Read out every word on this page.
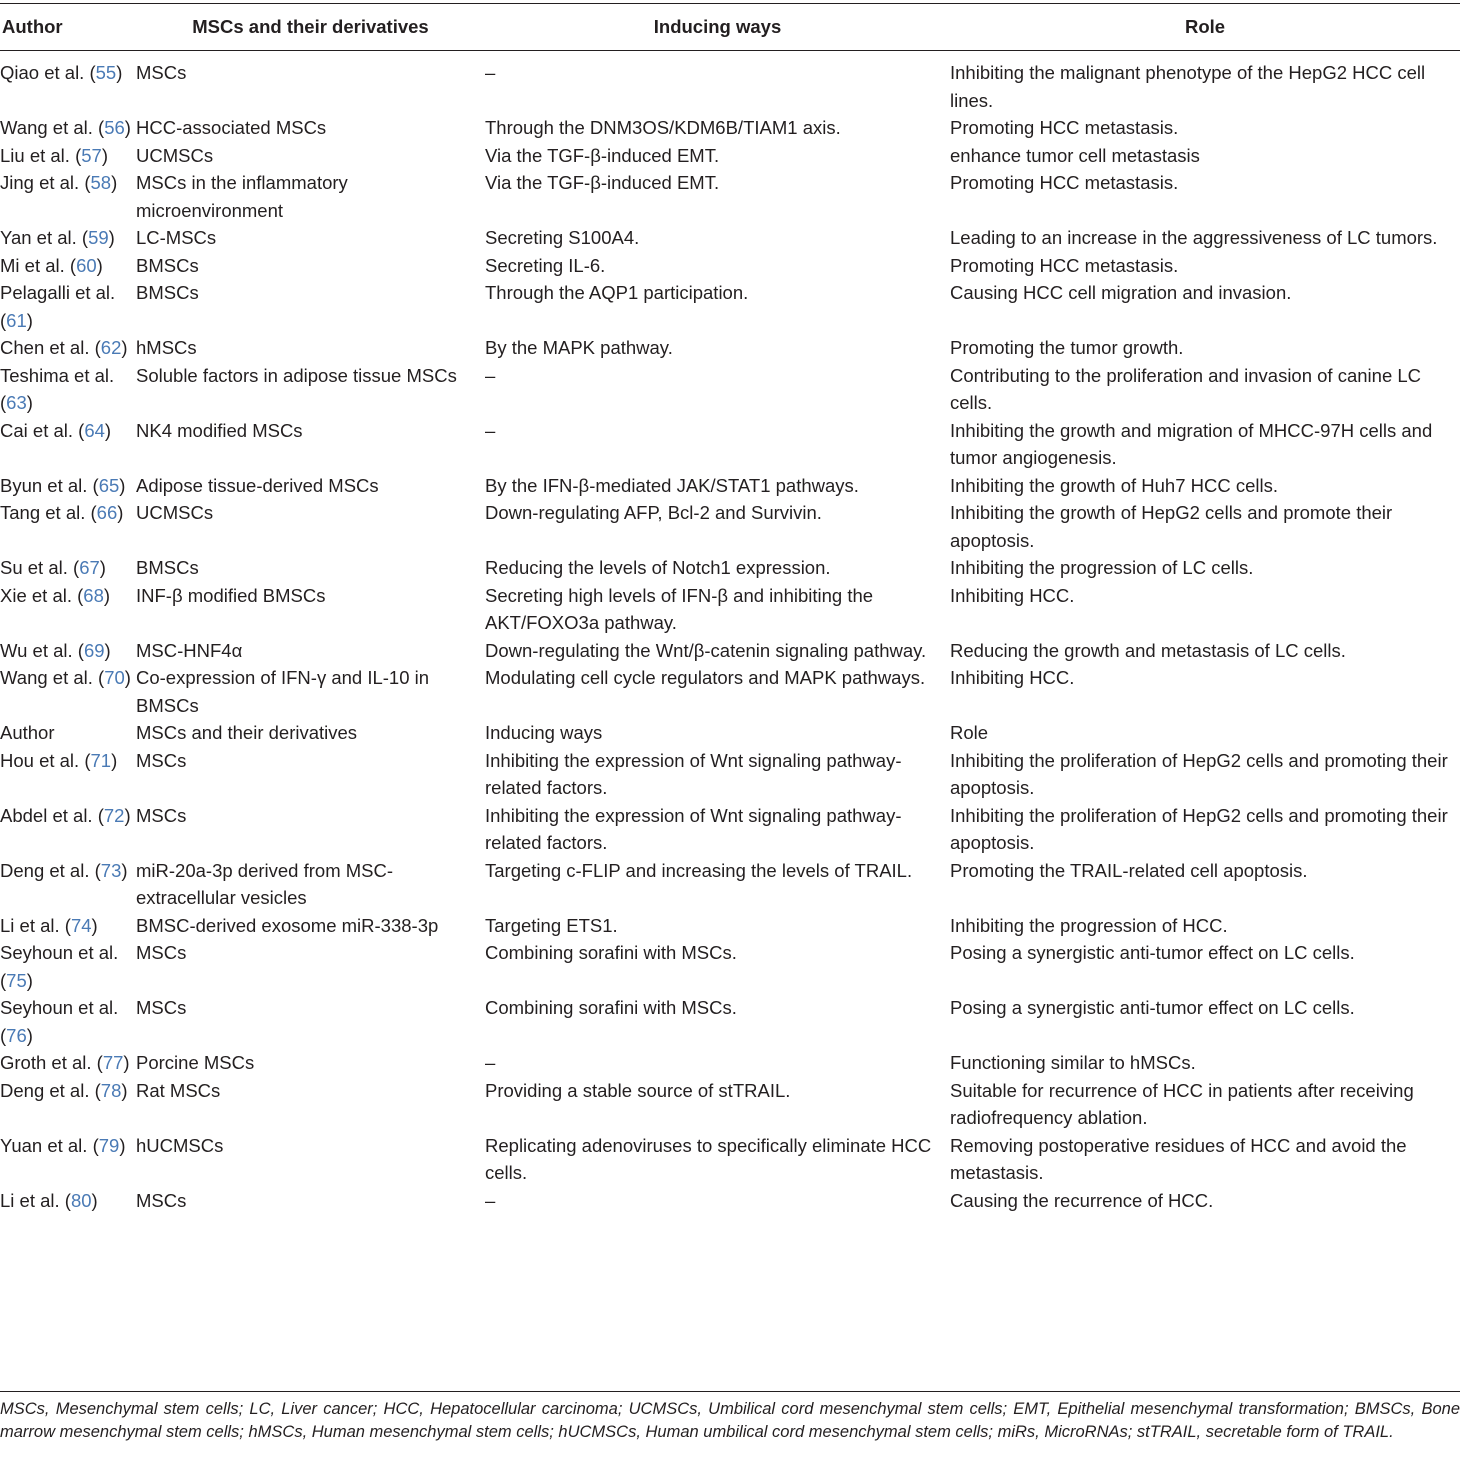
Author	MSCs and their derivatives	Inducing ways	Role
Qiao et al. (55)	MSCs	–	Inhibiting the malignant phenotype of the HepG2 HCC cell lines.
Wang et al. (56)	HCC-associated MSCs	Through the DNM3OS/KDM6B/TIAM1 axis.	Promoting HCC metastasis.
Liu et al. (57)	UCMSCs	Via the TGF-β-induced EMT.	enhance tumor cell metastasis
Jing et al. (58)	MSCs in the inflammatory microenvironment	Via the TGF-β-induced EMT.	Promoting HCC metastasis.
Yan et al. (59)	LC-MSCs	Secreting S100A4.	Leading to an increase in the aggressiveness of LC tumors.
Mi et al. (60)	BMSCs	Secreting IL-6.	Promoting HCC metastasis.
Pelagalli et al. (61)	BMSCs	Through the AQP1 participation.	Causing HCC cell migration and invasion.
Chen et al. (62)	hMSCs	By the MAPK pathway.	Promoting the tumor growth.
Teshima et al. (63)	Soluble factors in adipose tissue MSCs	–	Contributing to the proliferation and invasion of canine LC cells.
Cai et al. (64)	NK4 modified MSCs	–	Inhibiting the growth and migration of MHCC-97H cells and tumor angiogenesis.
Byun et al. (65)	Adipose tissue-derived MSCs	By the IFN-β-mediated JAK/STAT1 pathways.	Inhibiting the growth of Huh7 HCC cells.
Tang et al. (66)	UCMSCs	Down-regulating AFP, Bcl-2 and Survivin.	Inhibiting the growth of HepG2 cells and promote their apoptosis.
Su et al. (67)	BMSCs	Reducing the levels of Notch1 expression.	Inhibiting the progression of LC cells.
Xie et al. (68)	INF-β modified BMSCs	Secreting high levels of IFN-β and inhibiting the AKT/FOXO3a pathway.	Inhibiting HCC.
Wu et al. (69)	MSC-HNF4α	Down-regulating the Wnt/β-catenin signaling pathway.	Reducing the growth and metastasis of LC cells.
Wang et al. (70)	Co-expression of IFN-γ and IL-10 in BMSCs	Modulating cell cycle regulators and MAPK pathways.	Inhibiting HCC.
Author	MSCs and their derivatives	Inducing ways	Role
Hou et al. (71)	MSCs	Inhibiting the expression of Wnt signaling pathway-related factors.	Inhibiting the proliferation of HepG2 cells and promoting their apoptosis.
Abdel et al. (72)	MSCs	Inhibiting the expression of Wnt signaling pathway-related factors.	Inhibiting the proliferation of HepG2 cells and promoting their apoptosis.
Deng et al. (73)	miR-20a-3p derived from MSC-extracellular vesicles	Targeting c-FLIP and increasing the levels of TRAIL.	Promoting the TRAIL-related cell apoptosis.
Li et al. (74)	BMSC-derived exosome miR-338-3p	Targeting ETS1.	Inhibiting the progression of HCC.
Seyhoun et al. (75)	MSCs	Combining sorafini with MSCs.	Posing a synergistic anti-tumor effect on LC cells.
Seyhoun et al. (76)	MSCs	Combining sorafini with MSCs.	Posing a synergistic anti-tumor effect on LC cells.
Groth et al. (77)	Porcine MSCs	–	Functioning similar to hMSCs.
Deng et al. (78)	Rat MSCs	Providing a stable source of stTRAIL.	Suitable for recurrence of HCC in patients after receiving radiofrequency ablation.
Yuan et al. (79)	hUCMSCs	Replicating adenoviruses to specifically eliminate HCC cells.	Removing postoperative residues of HCC and avoid the metastasis.
Li et al. (80)	MSCs	–	Causing the recurrence of HCC.
MSCs, Mesenchymal stem cells; LC, Liver cancer; HCC, Hepatocellular carcinoma; UCMSCs, Umbilical cord mesenchymal stem cells; EMT, Epithelial mesenchymal transformation; BMSCs, Bone marrow mesenchymal stem cells; hMSCs, Human mesenchymal stem cells; hUCMSCs, Human umbilical cord mesenchymal stem cells; miRs, MicroRNAs; stTRAIL, secretable form of TRAIL.
